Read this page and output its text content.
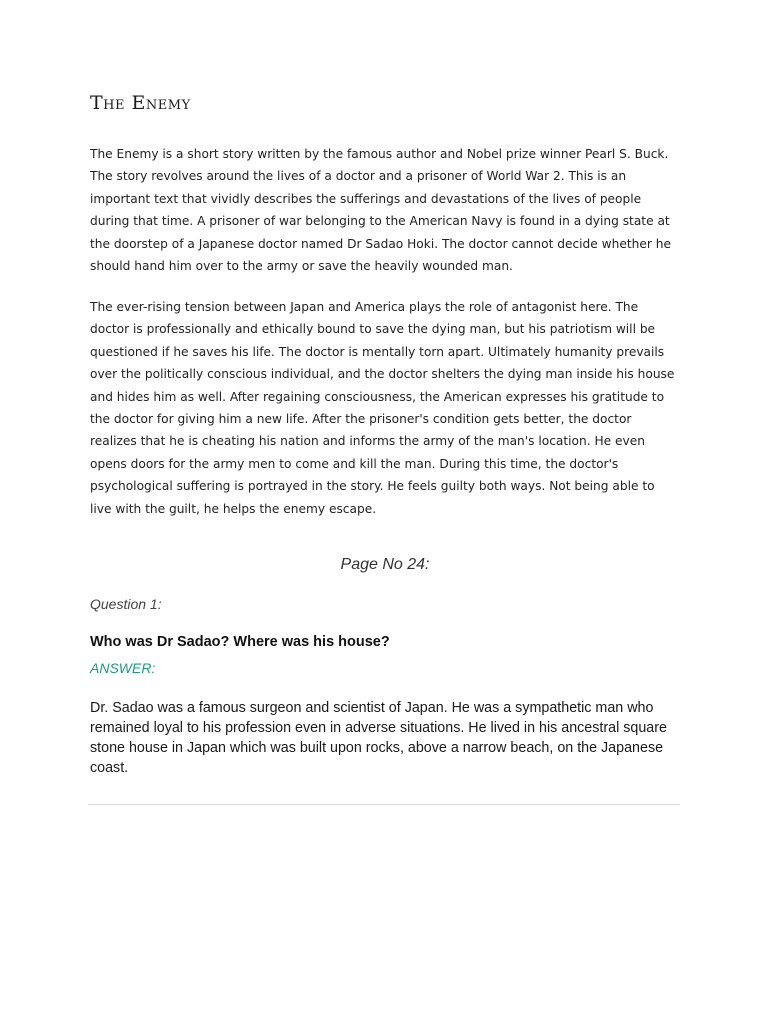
The Enemy

The Enemy is a short story written by the famous author and Nobel prize winner Pearl S. Buck. The story revolves around the lives of a doctor and a prisoner of World War 2. This is an important text that vividly describes the sufferings and devastations of the lives of people during that time. A prisoner of war belonging to the American Navy is found in a dying state at the doorstep of a Japanese doctor named Dr Sadao Hoki. The doctor cannot decide whether he should hand him over to the army or save the heavily wounded man.

The ever-rising tension between Japan and America plays the role of antagonist here. The doctor is professionally and ethically bound to save the dying man, but his patriotism will be questioned if he saves his life. The doctor is mentally torn apart. Ultimately humanity prevails over the politically conscious individual, and the doctor shelters the dying man inside his house and hides him as well. After regaining consciousness, the American expresses his gratitude to the doctor for giving him a new life. After the prisoner's condition gets better, the doctor realizes that he is cheating his nation and informs the army of the man's location. He even opens doors for the army men to come and kill the man. During this time, the doctor's psychological suffering is portrayed in the story. He feels guilty both ways. Not being able to live with the guilt, he helps the enemy escape.

Page No 24:

Question 1:

Who was Dr Sadao? Where was his house?

ANSWER:

Dr. Sadao was a famous surgeon and scientist of Japan. He was a sympathetic man who remained loyal to his profession even in adverse situations. He lived in his ancestral square stone house in Japan which was built upon rocks, above a narrow beach, on the Japanese coast.
